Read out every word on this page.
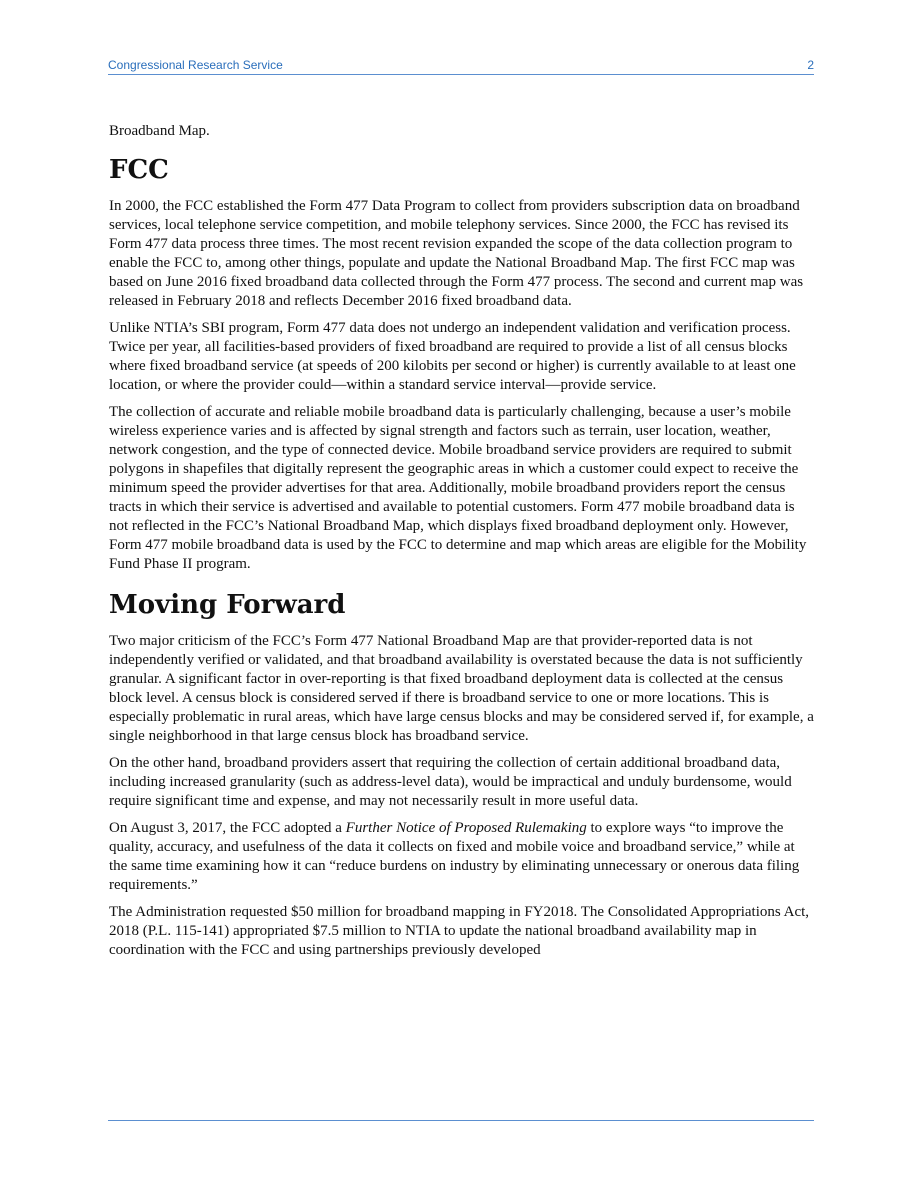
Congressional Research Service	2

Broadband Map.

FCC

In 2000, the FCC established the Form 477 Data Program to collect from providers subscription data on broadband services, local telephone service competition, and mobile telephony services. Since 2000, the FCC has revised its Form 477 data process three times. The most recent revision expanded the scope of the data collection program to enable the FCC to, among other things, populate and update the National Broadband Map. The first FCC map was based on June 2016 fixed broadband data collected through the Form 477 process. The second and current map was released in February 2018 and reflects December 2016 fixed broadband data.

Unlike NTIA’s SBI program, Form 477 data does not undergo an independent validation and verification process. Twice per year, all facilities-based providers of fixed broadband are required to provide a list of all census blocks where fixed broadband service (at speeds of 200 kilobits per second or higher) is currently available to at least one location, or where the provider could—within a standard service interval—provide service.

The collection of accurate and reliable mobile broadband data is particularly challenging, because a user’s mobile wireless experience varies and is affected by signal strength and factors such as terrain, user location, weather, network congestion, and the type of connected device. Mobile broadband service providers are required to submit polygons in shapefiles that digitally represent the geographic areas in which a customer could expect to receive the minimum speed the provider advertises for that area. Additionally, mobile broadband providers report the census tracts in which their service is advertised and available to potential customers. Form 477 mobile broadband data is not reflected in the FCC’s National Broadband Map, which displays fixed broadband deployment only. However, Form 477 mobile broadband data is used by the FCC to determine and map which areas are eligible for the Mobility Fund Phase II program.

Moving Forward

Two major criticism of the FCC’s Form 477 National Broadband Map are that provider-reported data is not independently verified or validated, and that broadband availability is overstated because the data is not sufficiently granular. A significant factor in over-reporting is that fixed broadband deployment data is collected at the census block level. A census block is considered served if there is broadband service to one or more locations. This is especially problematic in rural areas, which have large census blocks and may be considered served if, for example, a single neighborhood in that large census block has broadband service.

On the other hand, broadband providers assert that requiring the collection of certain additional broadband data, including increased granularity (such as address-level data), would be impractical and unduly burdensome, would require significant time and expense, and may not necessarily result in more useful data.

On August 3, 2017, the FCC adopted a Further Notice of Proposed Rulemaking to explore ways “to improve the quality, accuracy, and usefulness of the data it collects on fixed and mobile voice and broadband service,” while at the same time examining how it can “reduce burdens on industry by eliminating unnecessary or onerous data filing requirements.”

The Administration requested $50 million for broadband mapping in FY2018. The Consolidated Appropriations Act, 2018 (P.L. 115-141) appropriated $7.5 million to NTIA to update the national broadband availability map in coordination with the FCC and using partnerships previously developed
